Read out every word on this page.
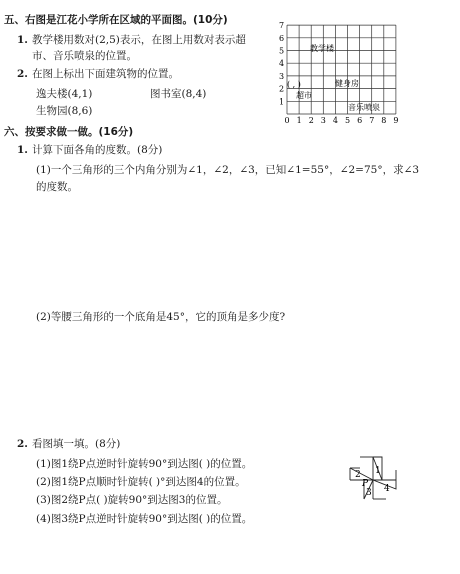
五、右图是江花小学所在区域的平面图。(10分)
1. 教学楼用数对(2,5)表示，在图上用数对表示超
市、音乐喷泉的位置。
2. 在图上标出下面建筑物的位置。
逸夫楼(4,1)	图书室(8,4)
生物园(8,6)
0 1 2 3 4 5 6 7 8 9
1
2
3
4
5
6
7
教学楼
( , )	健身房
超市
音乐喷泉
六、按要求做一做。(16分)
1. 计算下面各角的度数。(8分)
(1)一个三角形的三个内角分别为∠1，∠2，∠3，已知∠1=55°，∠2=75°，求∠3
的度数。
(2)等腰三角形的一个底角是45°，它的顶角是多少度?
2. 看图填一填。(8分)
(1)图1绕P点逆时针旋转90°到达图( )的位置。
(2)图1绕P点顺时针旋转( )°到达图4的位置。
(3)图2绕P点( )旋转90°到达图3的位置。
(4)图3绕P点逆时针旋转90°到达图( )的位置。
1
2
3 4
P
